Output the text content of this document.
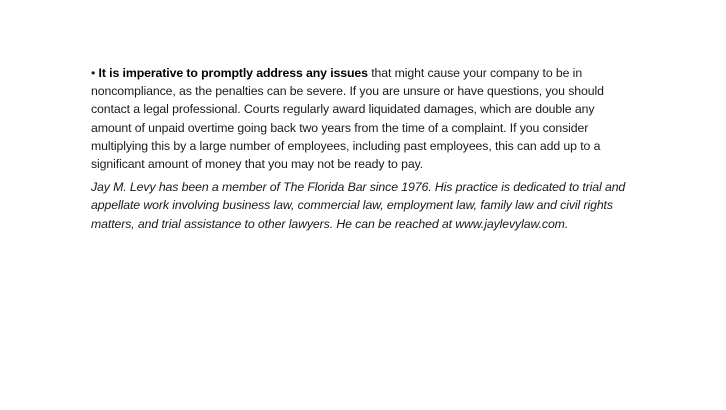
• It is imperative to promptly address any issues that might cause your company to be in noncompliance, as the penalties can be severe. If you are unsure or have questions, you should contact a legal professional. Courts regularly award liquidated damages, which are double any amount of unpaid overtime going back two years from the time of a complaint. If you consider multiplying this by a large number of employees, including past employees, this can add up to a significant amount of money that you may not be ready to pay.

Jay M. Levy has been a member of The Florida Bar since 1976. His practice is dedicated to trial and appellate work involving business law, commercial law, employment law, family law and civil rights matters, and trial assistance to other lawyers. He can be reached at www.jaylevylaw.com.
